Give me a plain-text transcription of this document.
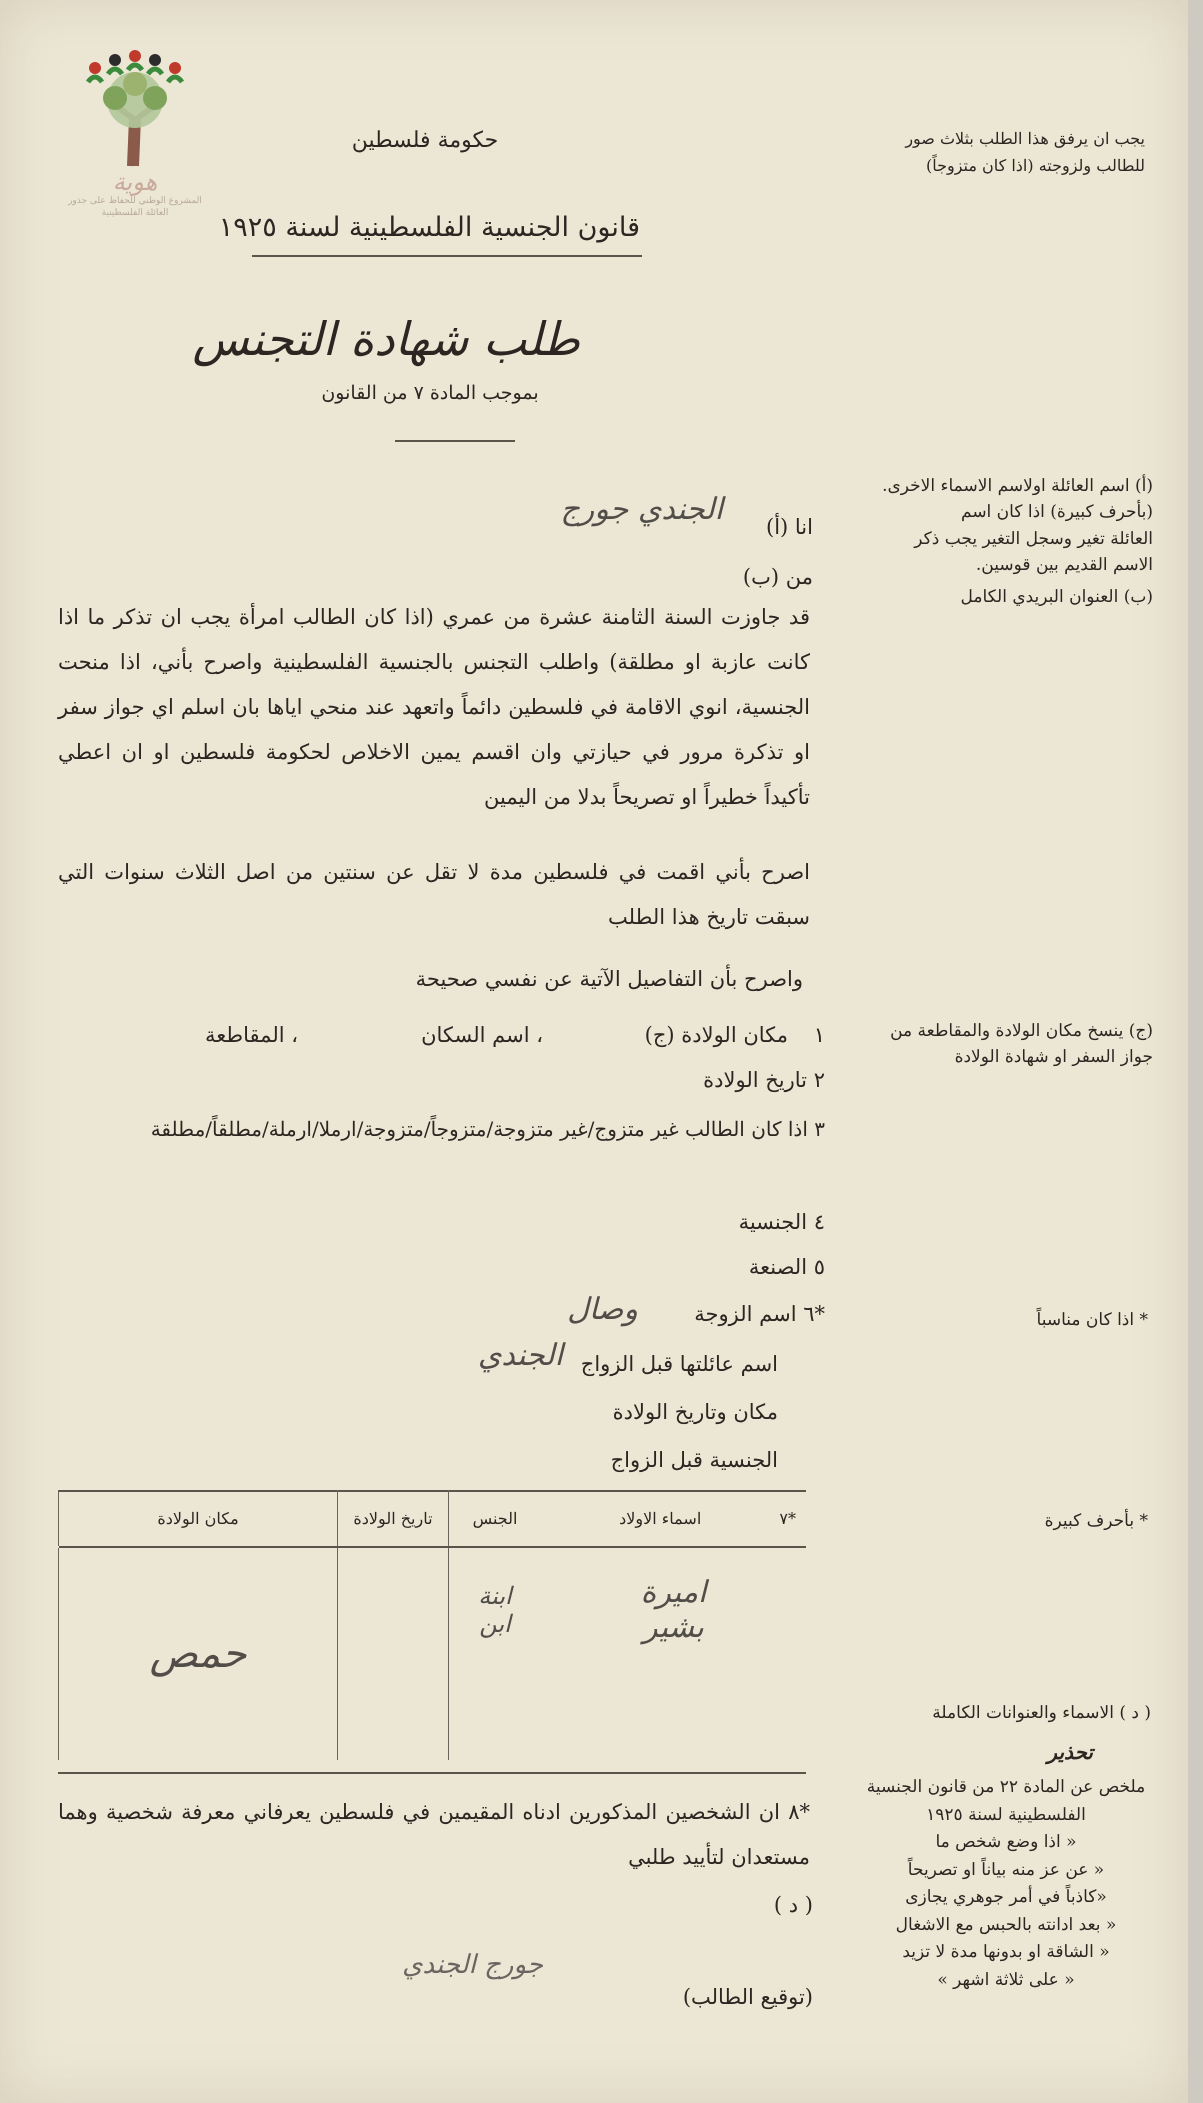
هوية
المشروع الوطني للحفاظ على جذور العائلة الفلسطينية
حكومة فلسطين
قانون الجنسية الفلسطينية لسنة ١٩٢٥
طلب شهادة التجنس
بموجب المادة ٧ من القانون
يجب ان يرفق هذا الطلب بثلاث صور للطالب ولزوجته (اذا كان متزوجاً)
(أ) اسم العائلة اولاسم الاسماء الاخرى.
(بأحرف كبيرة) اذا كان اسم
العائلة تغير وسجل التغير يجب ذكر
الاسم القديم بين قوسين.
(ب) العنوان البريدي الكامل
(ج) ينسخ مكان الولادة والمقاطعة من
جواز السفر او شهادة الولادة
* اذا كان مناسباً
* بأحرف كبيرة
( د ) الاسماء والعنوانات الكاملة
تحذير
ملخص عن المادة ٢٢ من قانون الجنسية
الفلسطينية لسنة ١٩٢٥
« اذا وضع شخص ما
« عن عز منه بياناً او تصريحاً
«كاذباً في أمر جوهري يجازى
« بعد ادانته بالحبس مع الاشغال
« الشاقة او بدونها مدة لا تزيد
« على ثلاثة اشهر »
انا (أ)
الجندي جورج
من (ب)
قد جاوزت السنة الثامنة عشرة من عمري (اذا كان الطالب امرأة يجب ان تذكر ما اذا كانت عازبة او مطلقة) واطلب التجنس بالجنسية الفلسطينية واصرح بأني، اذا منحت الجنسية، انوي الاقامة في فلسطين دائماً واتعهد عند منحي اياها بان اسلم اي جواز سفر او تذكرة مرور في حيازتي وان اقسم يمين الاخلاص لحكومة فلسطين او ان اعطي تأكيداً خطيراً او تصريحاً بدلا من اليمين
اصرح بأني اقمت في فلسطين مدة لا تقل عن سنتين من اصل الثلاث سنوات التي سبقت تاريخ هذا الطلب
واصرح بأن التفاصيل الآتية عن نفسي صحيحة
١
مكان الولادة (ج)
، اسم السكان
، المقاطعة
٢ تاريخ الولادة
٣ اذا كان الطالب غير متزوج/غير متزوجة/متزوجاً/متزوجة/ارملا/ارملة/مطلقاً/مطلقة
٤ الجنسية
٥ الصنعة
*٦ اسم الزوجة
وصال
اسم عائلتها قبل الزواج
الجندي
مكان وتاريخ الولادة
الجنسية قبل الزواج
*٧
اسماء الاولاد	الجنس	تاريخ الولادة	مكان الولادة

اميرة	ابنة		حمص
بشير	ابن		
*٨ ان الشخصين المذكورين ادناه المقيمين في فلسطين يعرفاني معرفة شخصية وهما مستعدان لتأييد طلبي
( د )
جورج الجندي
(توقيع الطالب)
